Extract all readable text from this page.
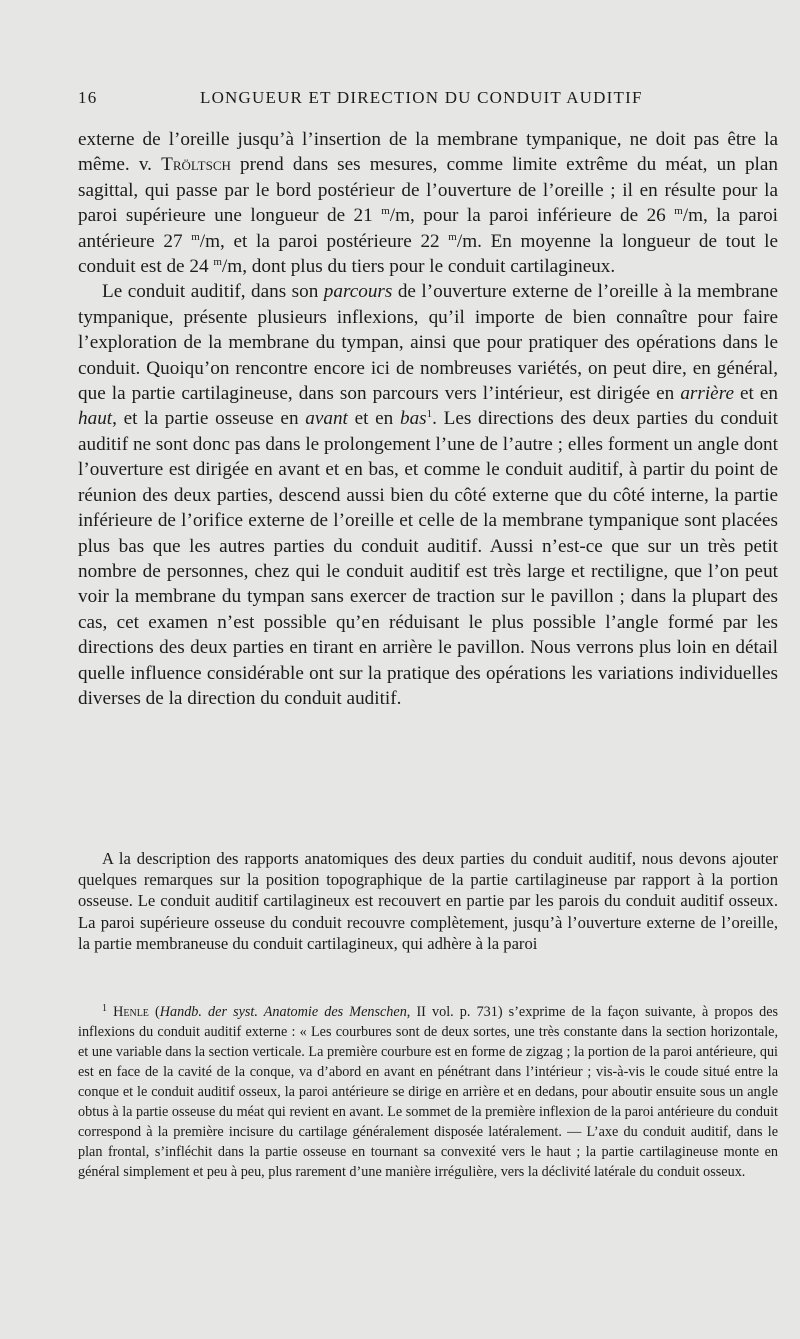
16	LONGUEUR ET DIRECTION DU CONDUIT AUDITIF

externe de l’oreille jusqu’à l’insertion de la membrane tympanique, ne doit pas être la même. v. Tröltsch prend dans ses mesures, comme limite extrême du méat, un plan sagittal, qui passe par le bord postérieur de l’ouverture de l’oreille ; il en résulte pour la paroi supérieure une longueur de 21 $^m$/m, pour la paroi inférieure de 26 $^m$/m, la paroi antérieure 27 $^m$/m, et la paroi postérieure 22 $^m$/m. En moyenne la longueur de tout le conduit est de 24 $^m$/m, dont plus du tiers pour le conduit cartilagineux.

Le conduit auditif, dans son parcours de l’ouverture externe de l’oreille à la membrane tympanique, présente plusieurs inflexions, qu’il importe de bien connaître pour faire l’exploration de la membrane du tympan, ainsi que pour pratiquer des opérations dans le conduit. Quoiqu’on rencontre encore ici de nombreuses variétés, on peut dire, en général, que la partie cartilagineuse, dans son parcours vers l’intérieur, est dirigée en arrière et en haut, et la partie osseuse en avant et en bas$^1$. Les directions des deux parties du conduit auditif ne sont donc pas dans le prolongement l’une de l’autre ; elles forment un angle dont l’ouverture est dirigée en avant et en bas, et comme le conduit auditif, à partir du point de réunion des deux parties, descend aussi bien du côté externe que du côté interne, la partie inférieure de l’orifice externe de l’oreille et celle de la membrane tympanique sont placées plus bas que les autres parties du conduit auditif. Aussi n’est-ce que sur un très petit nombre de personnes, chez qui le conduit auditif est très large et rectiligne, que l’on peut voir la membrane du tympan sans exercer de traction sur le pavillon ; dans la plupart des cas, cet examen n’est possible qu’en réduisant le plus possible l’angle formé par les directions des deux parties en tirant en arrière le pavillon. Nous verrons plus loin en détail quelle influence considérable ont sur la pratique des opérations les variations individuelles diverses de la direction du conduit auditif.

A la description des rapports anatomiques des deux parties du conduit auditif, nous devons ajouter quelques remarques sur la position topographique de la partie cartilagineuse par rapport à la portion osseuse. Le conduit auditif cartilagineux est recouvert en partie par les parois du conduit auditif osseux. La paroi supérieure osseuse du conduit recouvre complètement, jusqu’à l’ouverture externe de l’oreille, la partie membraneuse du conduit cartilagineux, qui adhère à la paroi

$^1$ Henle (Handb. der syst. Anatomie des Menschen, II vol. p. 731) s’exprime de la façon suivante, à propos des inflexions du conduit auditif externe : « Les courbures sont de deux sortes, une très constante dans la section horizontale, et une variable dans la section verticale. La première courbure est en forme de zigzag ; la portion de la paroi antérieure, qui est en face de la cavité de la conque, va d’abord en avant en pénétrant dans l’intérieur ; vis-à-vis le coude situé entre la conque et le conduit auditif osseux, la paroi antérieure se dirige en arrière et en dedans, pour aboutir ensuite sous un angle obtus à la partie osseuse du méat qui revient en avant. Le sommet de la première inflexion de la paroi antérieure du conduit correspond à la première incisure du cartilage généralement disposée latéralement. — L’axe du conduit auditif, dans le plan frontal, s’infléchit dans la partie osseuse en tournant sa convexité vers le haut ; la partie cartilagineuse monte en général simplement et peu à peu, plus rarement d’une manière irrégulière, vers la déclivité latérale du conduit osseux.
